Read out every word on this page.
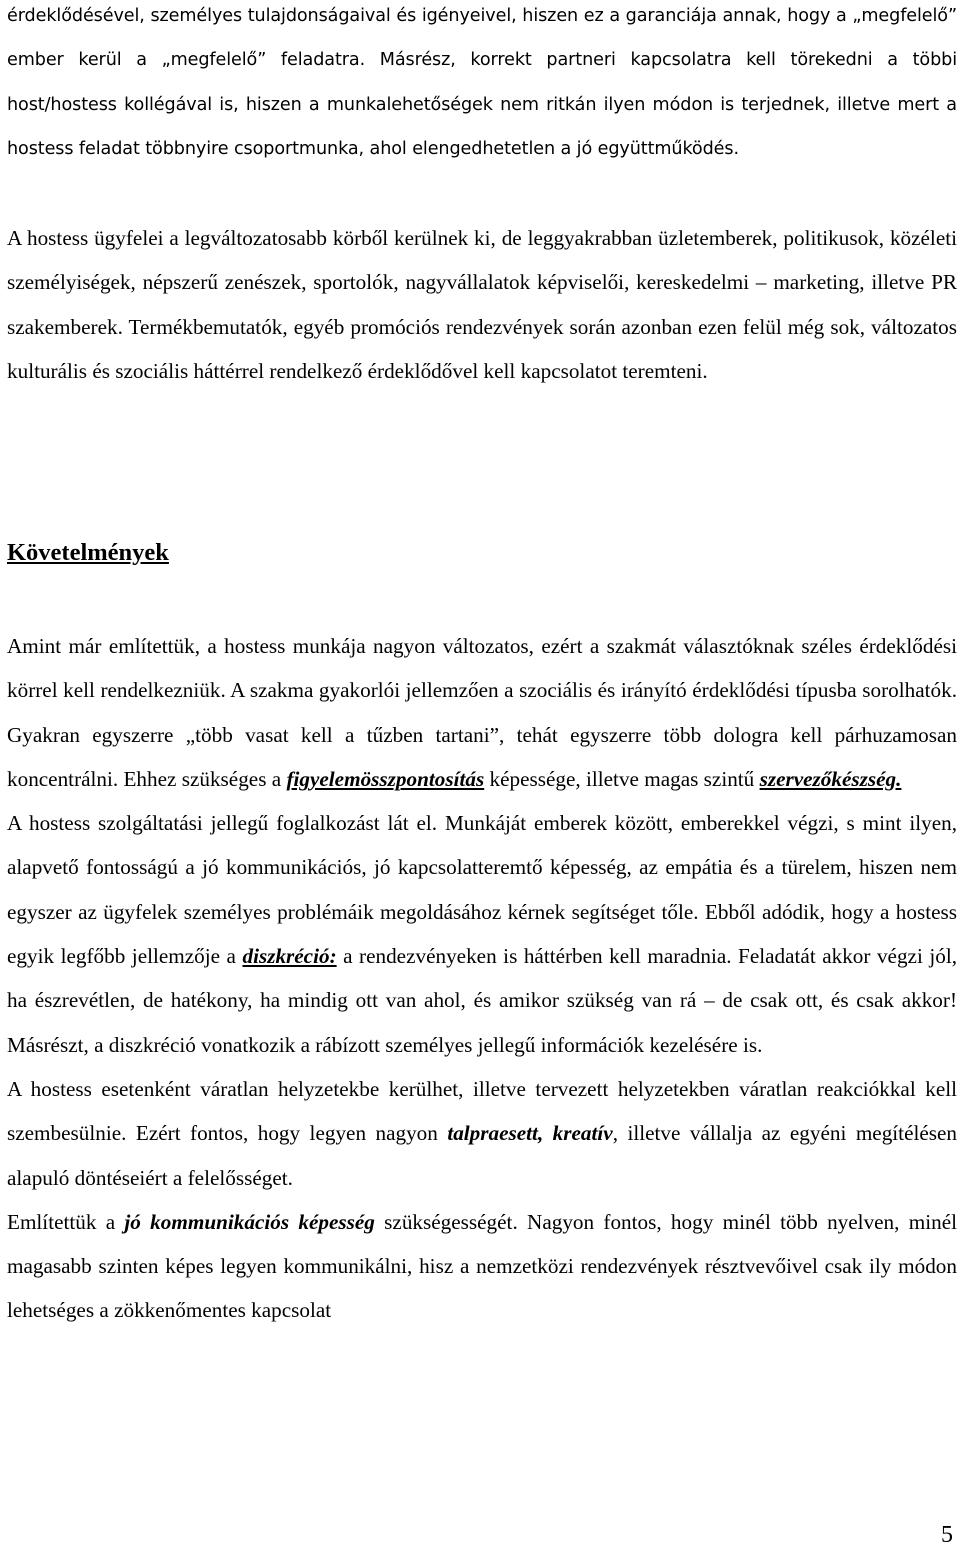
érdeklődésével, személyes tulajdonságaival és igényeivel, hiszen ez a garanciája annak, hogy a „megfelelő” ember kerül a „megfelelő” feladatra. Másrész, korrekt partneri kapcsolatra kell törekedni a többi host/hostess kollégával is, hiszen a munkalehetőségek nem ritkán ilyen módon is terjednek, illetve mert a hostess feladat többnyire csoportmunka, ahol elengedhetetlen a jó együttműködés.

A hostess ügyfelei a legváltozatosabb körből kerülnek ki, de leggyakrabban üzletemberek, politikusok, közéleti személyiségek, népszerű zenészek, sportolók, nagyvállalatok képviselői, kereskedelmi – marketing, illetve PR szakemberek. Termékbemutatók, egyéb promóciós rendezvények során azonban ezen felül még sok, változatos kulturális és szociális háttérrel rendelkező érdeklődővel kell kapcsolatot teremteni.

Követelmények

Amint már említettük, a hostess munkája nagyon változatos, ezért a szakmát választóknak széles érdeklődési körrel kell rendelkezniük. A szakma gyakorlói jellemzően a szociális és irányító érdeklődési típusba sorolhatók. Gyakran egyszerre „több vasat kell a tűzben tartani”, tehát egyszerre több dologra kell párhuzamosan koncentrálni. Ehhez szükséges a figyelemösszpontosítás képessége, illetve magas szintű szervezőkészség.

A hostess szolgáltatási jellegű foglalkozást lát el. Munkáját emberek között, emberekkel végzi, s mint ilyen, alapvető fontosságú a jó kommunikációs, jó kapcsolatteremtő képesség, az empátia és a türelem, hiszen nem egyszer az ügyfelek személyes problémáik megoldásához kérnek segítséget tőle. Ebből adódik, hogy a hostess egyik legfőbb jellemzője a diszkréció: a rendezvényeken is háttérben kell maradnia. Feladatát akkor végzi jól, ha észrevétlen, de hatékony, ha mindig ott van ahol, és amikor szükség van rá – de csak ott, és csak akkor! Másrészt, a diszkréció vonatkozik a rábízott személyes jellegű információk kezelésére is.

A hostess esetenként váratlan helyzetekbe kerülhet, illetve tervezett helyzetekben váratlan reakciókkal kell szembesülnie. Ezért fontos, hogy legyen nagyon talpraesett, kreatív, illetve vállalja az egyéni megítélésen alapuló döntéseiért a felelősséget.

Említettük a jó kommunikációs képesség szükségességét. Nagyon fontos, hogy minél több nyelven, minél magasabb szinten képes legyen kommunikálni, hisz a nemzetközi rendezvények résztvevőivel csak ily módon lehetséges a zökkenőmentes kapcsolat

5
